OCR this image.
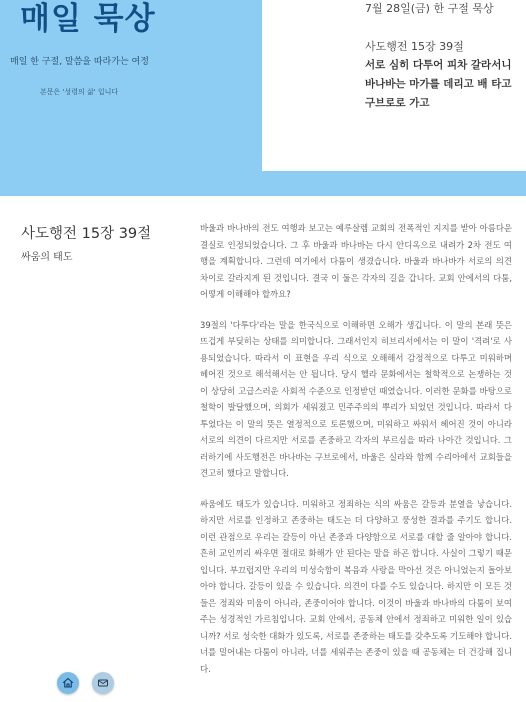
매일 묵상

매일 한 구절, 말씀을 따라가는 여정

본문은 '성령의 삶' 입니다

7월 28일(금) 한 구절 묵상

사도행전 15장 39절

서로 심히 다투어 피차 갈라서니 바나바는 마가를 데리고 배 타고 구브로로 가고

사도행전 15장 39절

싸움의 태도

바울과 바나바의 전도 여행과 보고는 예루살렘 교회의 전폭적인 지지를 받아 아름다운 결실로 인정되었습니다. 그 후 바울과 바나바는 다시 안디옥으로 내려가 2차 전도 여행을 계획합니다. 그런데 여기에서 다툼이 생겼습니다. 바울과 바나바가 서로의 의견 차이로 갈라지게 된 것입니다. 결국 이 둘은 각자의 길을 갑니다. 교회 안에서의 다툼, 어떻게 이해해야 할까요?

39절의 '다투다'라는 말을 한국식으로 이해하면 오해가 생깁니다. 이 말의 본래 뜻은 뜨겁게 부딪히는 상태를 의미합니다. 그래서인지 히브리서에서는 이 말이 '격려'로 사용되었습니다. 따라서 이 표현을 우리 식으로 오해해서 감정적으로 다투고 미워하며 헤어진 것으로 해석해서는 안 됩니다. 당시 헬라 문화에서는 철학적으로 논쟁하는 것이 상당히 고급스러운 사회적 수준으로 인정받던 때였습니다. 이러한 문화를 바탕으로 철학이 발달했으며, 의회가 세워졌고 민주주의의 뿌리가 되었던 것입니다. 따라서 다투었다는 이 말의 뜻은 열정적으로 토론했으며, 미워하고 싸워서 헤어진 것이 아니라 서로의 의견이 다르지만 서로를 존중하고 각자의 부르심을 따라 나아간 것입니다. 그러하기에 사도행전은 바나바는 구브로에서, 바울은 실라와 함께 수리아에서 교회들을 견고히 했다고 말합니다.

싸움에도 태도가 있습니다. 미워하고 정죄하는 식의 싸움은 갈등과 분열을 낳습니다. 하지만 서로를 인정하고 존중하는 태도는 더 다양하고 풍성한 결과를 주기도 합니다. 이런 관점으로 우리는 갈등이 아닌 존중과 다양함으로 서로를 대할 줄 알아야 합니다. 흔히 교인끼리 싸우면 절대로 화해가 안 된다는 말을 하곤 합니다. 사실이 그렇기 때문입니다. 부끄럽지만 우리의 미성숙함이 복음과 사랑을 막아선 것은 아니었는지 돌아보아야 합니다. 갈등이 있을 수 있습니다. 의견이 다를 수도 있습니다. 하지만 이 모든 것들은 정죄와 미움이 아니라, 존중이어야 합니다. 이것이 바울과 바나바의 다툼이 보여주는 성경적인 가르침입니다. 교회 안에서, 공동체 안에서 정죄하고 미워한 일이 있습니까? 서로 성숙한 대화가 있도록, 서로를 존중하는 태도를 갖추도록 기도해야 합니다. 너를 밀어내는 다툼이 아니라, 너를 세워주는 존중이 있을 때 공동체는 더 건강해 집니다.
